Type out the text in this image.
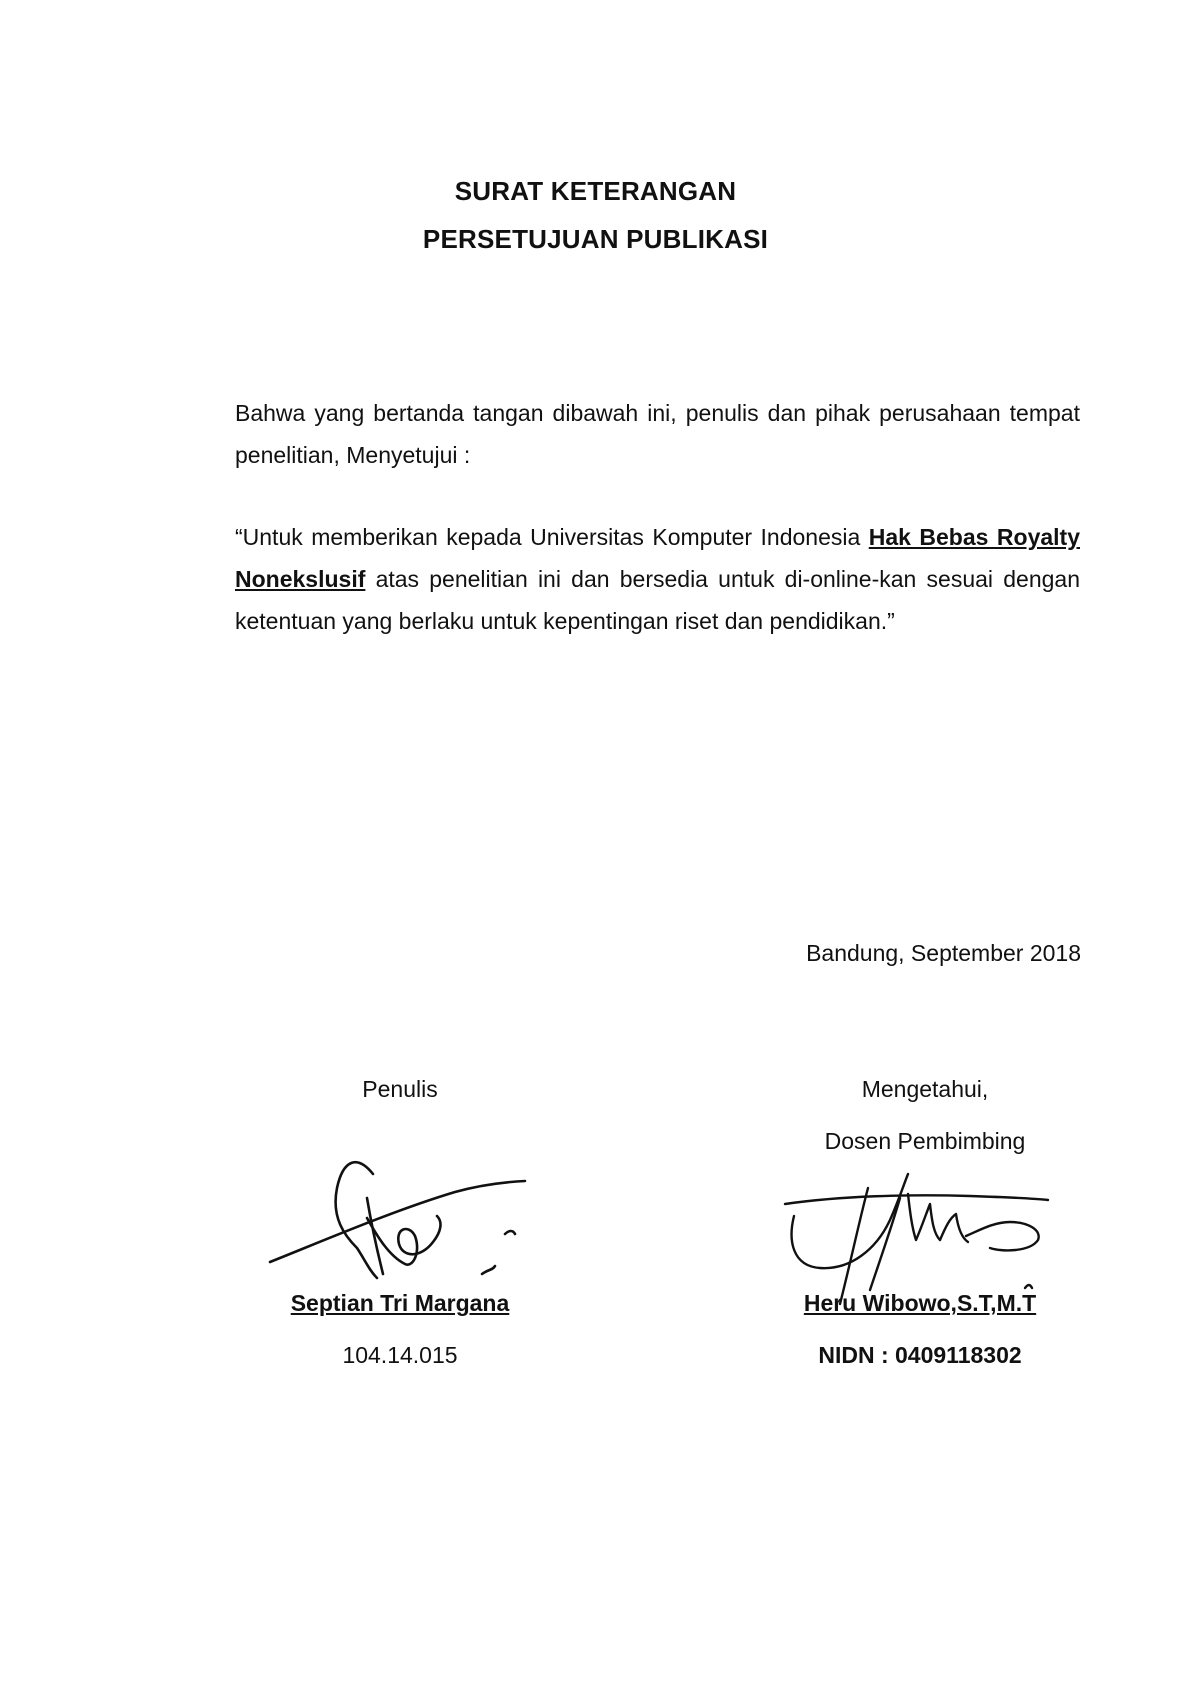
SURAT KETERANGAN
PERSETUJUAN PUBLIKASI
Bahwa yang bertanda tangan dibawah ini, penulis dan pihak perusahaan tempat penelitian, Menyetujui :
“Untuk memberikan kepada Universitas Komputer Indonesia Hak Bebas Royalty Nonekslusif atas penelitian ini dan bersedia untuk di-online-kan sesuai dengan ketentuan yang berlaku untuk kepentingan riset dan pendidikan.”
Bandung, September 2018
Penulis
Septian Tri Margana
104.14.015
Mengetahui,
Dosen Pembimbing
Heru Wibowo,S.T,M.T
NIDN : 0409118302
